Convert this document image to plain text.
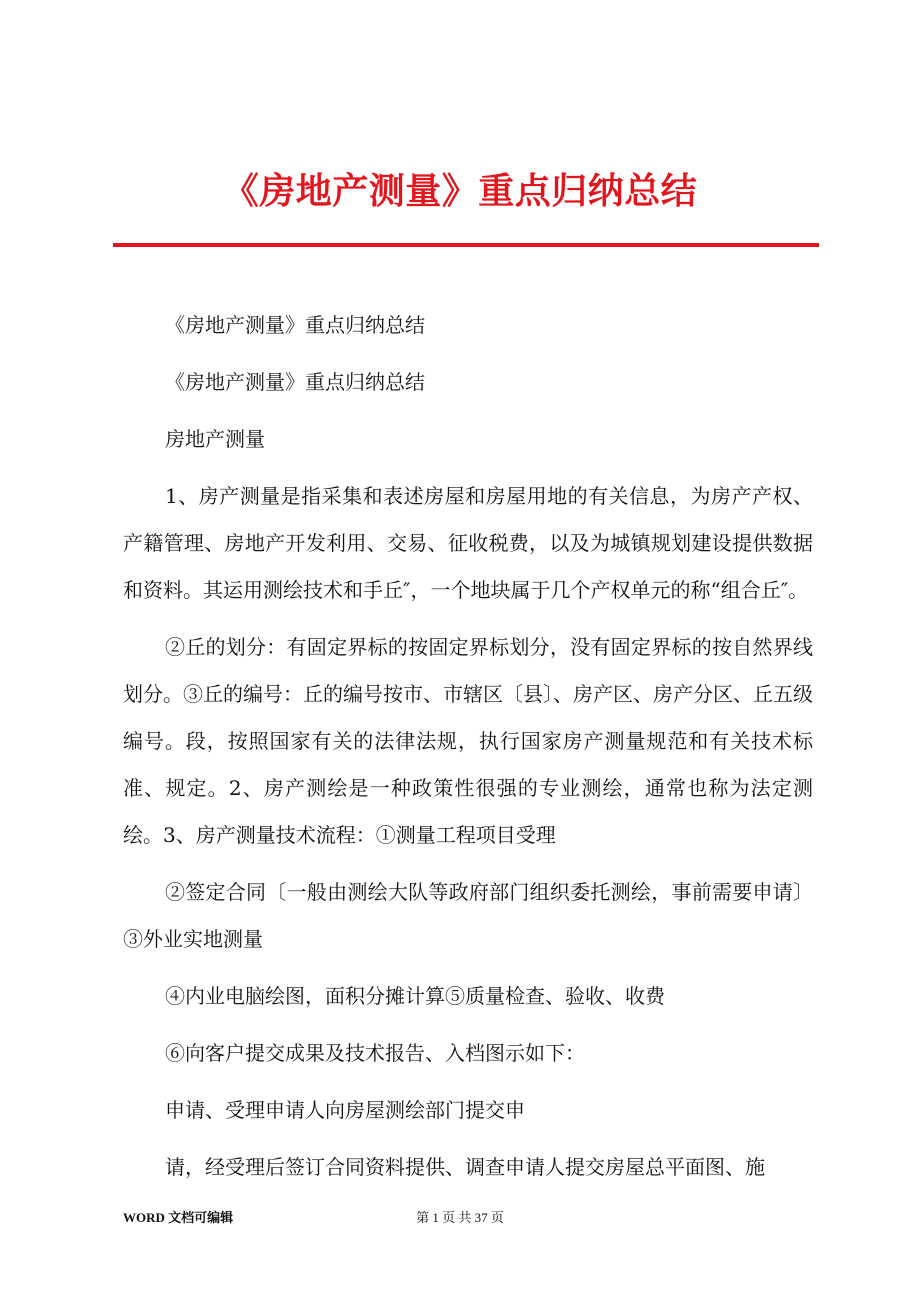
《房地产测量》重点归纳总结

《房地产测量》重点归纳总结

《房地产测量》重点归纳总结

房地产测量

1、房产测量是指采集和表述房屋和房屋用地的有关信息，为房产产权、产籍管理、房地产开发利用、交易、征收税费，以及为城镇规划建设提供数据和资料。其运用测绘技术和手丘″，一个地块属于几个产权单元的称“组合丘″。

②丘的划分：有固定界标的按固定界标划分，没有固定界标的按自然界线划分。③丘的编号：丘的编号按市、市辖区〔县〕、房产区、房产分区、丘五级编号。段，按照国家有关的法律法规，执行国家房产测量规范和有关技术标准、规定。2、房产测绘是一种政策性很强的专业测绘，通常也称为法定测绘。3、房产测量技术流程：①测量工程项目受理

②签定合同〔一般由测绘大队等政府部门组织委托测绘，事前需要申请〕③外业实地测量

④内业电脑绘图，面积分摊计算⑤质量检查、验收、收费

⑥向客户提交成果及技术报告、入档图示如下：

申请、受理申请人向房屋测绘部门提交申

请，经受理后签订合同资料提供、调查申请人提交房屋总平面图、施

WORD 文档可编辑	第 1 页 共 37 页
